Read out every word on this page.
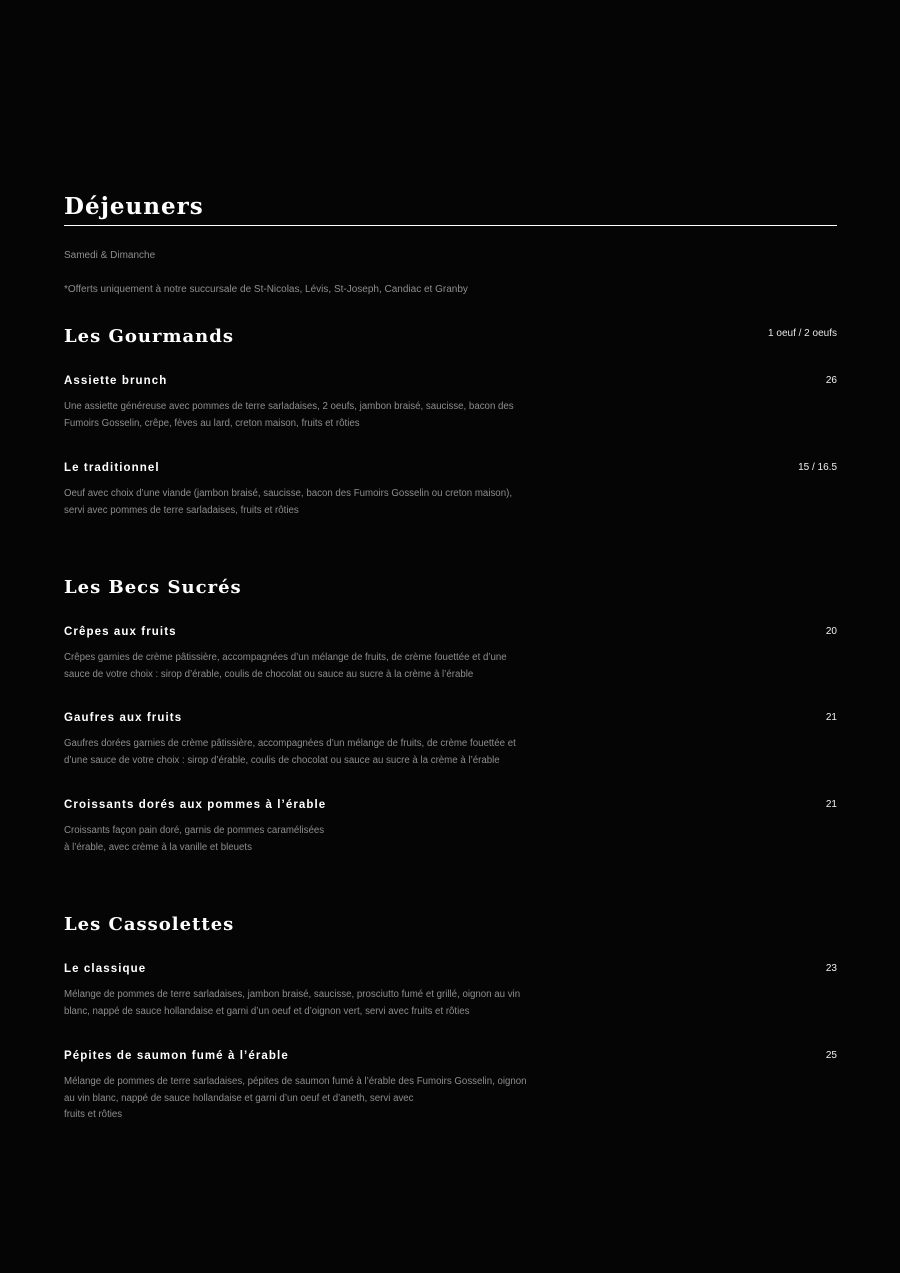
Déjeuners
Samedi & Dimanche
*Offerts uniquement à notre succursale de St-Nicolas, Lévis, St-Joseph, Candiac et Granby
Les Gourmands	1 oeuf / 2 oeufs
Assiette brunch	26
Une assiette généreuse avec pommes de terre sarladaises, 2 oeufs, jambon braisé, saucisse, bacon des
Fumoirs Gosselin, crêpe, fèves au lard, creton maison, fruits et rôties
Le traditionnel	15 / 16.5
Oeuf avec choix d’une viande (jambon braisé, saucisse, bacon des Fumoirs Gosselin ou creton maison),
servi avec pommes de terre sarladaises, fruits et rôties
Les Becs Sucrés
Crêpes aux fruits	20
Crêpes garnies de crème pâtissière, accompagnées d’un mélange de fruits, de crème fouettée et d’une
sauce de votre choix : sirop d’érable, coulis de chocolat ou sauce au sucre à la crème à l’érable
Gaufres aux fruits	21
Gaufres dorées garnies de crème pâtissière, accompagnées d’un mélange de fruits, de crème fouettée et
d’une sauce de votre choix : sirop d’érable, coulis de chocolat ou sauce au sucre à la crème à l’érable
Croissants dorés aux pommes à l’érable	21
Croissants façon pain doré, garnis de pommes caramélisées
à l’érable, avec crème à la vanille et bleuets
Les Cassolettes
Le classique	23
Mélange de pommes de terre sarladaises, jambon braisé, saucisse, prosciutto fumé et grillé, oignon au vin
blanc, nappé de sauce hollandaise et garni d’un oeuf et d’oignon vert, servi avec fruits et rôties
Pépites de saumon fumé à l’érable	25
Mélange de pommes de terre sarladaises, pépites de saumon fumé à l’érable des Fumoirs Gosselin, oignon
au vin blanc, nappé de sauce hollandaise et garni d’un oeuf et d’aneth, servi avec
fruits et rôties
